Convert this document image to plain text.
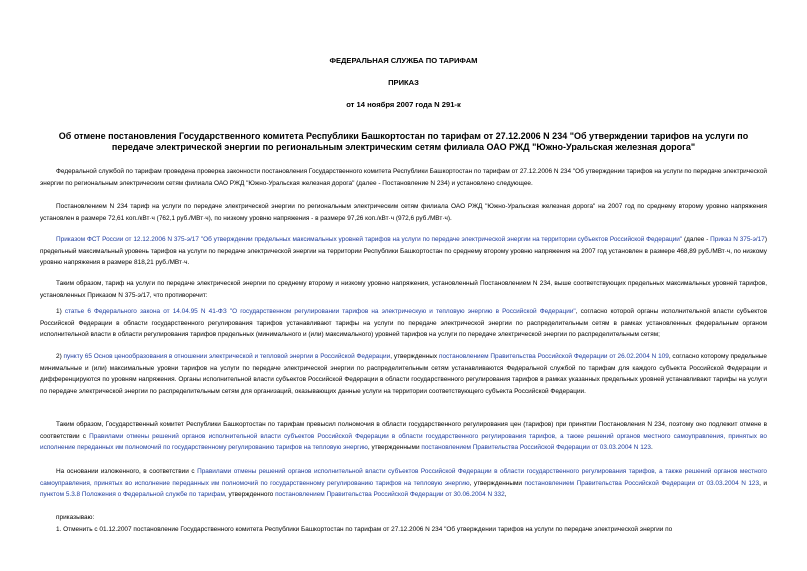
ФЕДЕРАЛЬНАЯ СЛУЖБА ПО ТАРИФАМ
ПРИКАЗ
от 14 ноября 2007 года N 291-к
Об отмене постановления Государственного комитета Республики Башкортостан по тарифам от 27.12.2006 N 234 "Об утверждении тарифов на услуги по передаче электрической энергии по региональным электрическим сетям филиала ОАО РЖД "Южно-Уральская железная дорога"
Федеральной службой по тарифам проведена проверка законности постановления Государственного комитета Республики Башкортостан по тарифам от 27.12.2006 N 234 "Об утверждении тарифов на услуги по передаче электрической энергии по региональным электрическим сетям филиала ОАО РЖД "Южно-Уральская железная дорога" (далее - Постановление N 234) и установлено следующее.
Постановлением N 234 тариф на услуги по передаче электрической энергии по региональным электрическим сетям филиала ОАО РЖД "Южно-Уральская железная дорога" на 2007 год по среднему второму уровню напряжения установлен в размере 72,61 коп./кВт·ч (762,1 руб./МВт·ч), по низкому уровню напряжения - в размере 97,26 коп./кВт·ч (972,6 руб./МВт·ч).
Приказом ФСТ России от 12.12.2006 N 375-э/17 "Об утверждении предельных максимальных уровней тарифов на услуги по передаче электрической энергии на территории субъектов Российской Федерации" (далее - Приказ N 375-э/17) предельный максимальный уровень тарифов на услуги по передаче электрической энергии на территории Республики Башкортостан по среднему второму уровню напряжения на 2007 год установлен в размере 468,89 руб./МВт·ч, по низкому уровню напряжения в размере 818,21 руб./МВт·ч.
Таким образом, тариф на услуги по передаче электрической энергии по среднему второму и низкому уровню напряжения, установленный Постановлением N 234, выше соответствующих предельных максимальных уровней тарифов, установленных Приказом N 375-э/17, что противоречит:
1) статье 6 Федерального закона от 14.04.95 N 41-ФЗ "О государственном регулировании тарифов на электрическую и тепловую энергию в Российской Федерации", согласно которой органы исполнительной власти субъектов Российской Федерации в области государственного регулирования тарифов устанавливают тарифы на услуги по передаче электрической энергии по распределительным сетям в рамках установленных федеральным органом исполнительной власти в области регулирования тарифов предельных (минимального и (или) максимального) уровней тарифов на услуги по передаче электрической энергии по распределительным сетям;
2) пункту 65 Основ ценообразования в отношении электрической и тепловой энергии в Российской Федерации, утвержденных постановлением Правительства Российской Федерации от 26.02.2004 N 109, согласно которому предельные минимальные и (или) максимальные уровни тарифов на услуги по передаче электрической энергии по распределительным сетям устанавливаются Федеральной службой по тарифам для каждого субъекта Российской Федерации и дифференцируются по уровням напряжения. Органы исполнительной власти субъектов Российской Федерации в области государственного регулирования тарифов в рамках указанных предельных уровней устанавливают тарифы на услуги по передаче электрической энергии по распределительным сетям для организаций, оказывающих данные услуги на территории соответствующего субъекта Российской Федерации.
Таким образом, Государственный комитет Республики Башкортостан по тарифам превысил полномочия в области государственного регулирования цен (тарифов) при принятии Постановления N 234, поэтому оно подлежит отмене в соответствии с Правилами отмены решений органов исполнительной власти субъектов Российской Федерации в области государственного регулирования тарифов, а также решений органов местного самоуправления, принятых во исполнение переданных им полномочий по государственному регулированию тарифов на тепловую энергию, утвержденными постановлением Правительства Российской Федерации от 03.03.2004 N 123.
На основании изложенного, в соответствии с Правилами отмены решений органов исполнительной власти субъектов Российской Федерации в области государственного регулирования тарифов, а также решений органов местного самоуправления, принятых во исполнение переданных им полномочий по государственному регулированию тарифов на тепловую энергию, утвержденными постановлением Правительства Российской Федерации от 03.03.2004 N 123, и пунктом 5.3.8 Положения о Федеральной службе по тарифам, утвержденного постановлением Правительства Российской Федерации от 30.06.2004 N 332,
приказываю:
1. Отменить с 01.12.2007 постановление Государственного комитета Республики Башкортостан по тарифам от 27.12.2006 N 234 "Об утверждении тарифов на услуги по передаче электрической энергии по
